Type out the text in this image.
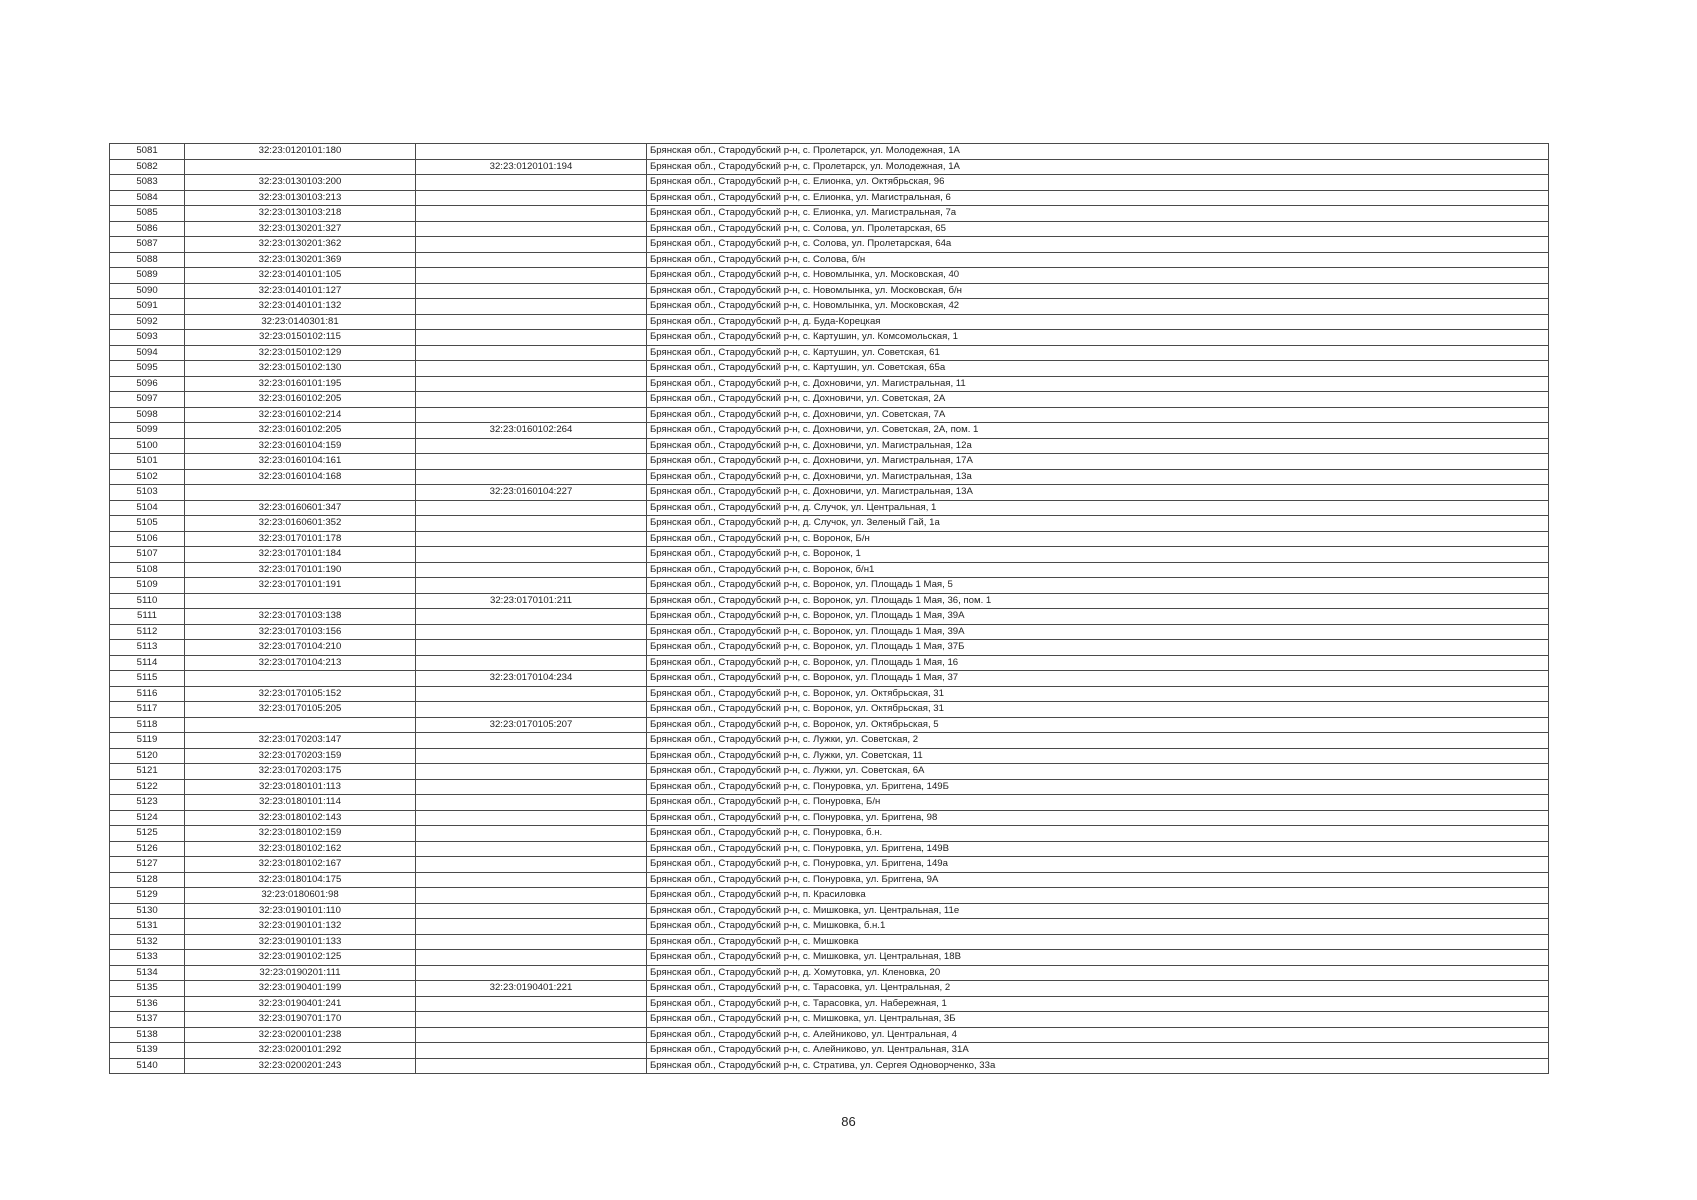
5081	32:23:0120101:180		Брянская обл., Стародубский р-н, с. Пролетарск, ул. Молодежная, 1А
5082		32:23:0120101:194	Брянская обл., Стародубский р-н, с. Пролетарск, ул. Молодежная, 1А
5083	32:23:0130103:200		Брянская обл., Стародубский р-н, с. Елионка, ул. Октябрьская, 96
5084	32:23:0130103:213		Брянская обл., Стародубский р-н, с. Елионка, ул. Магистральная, 6
5085	32:23:0130103:218		Брянская обл., Стародубский р-н, с. Елионка, ул. Магистральная, 7а
5086	32:23:0130201:327		Брянская обл., Стародубский р-н, с. Солова, ул. Пролетарская, 65
5087	32:23:0130201:362		Брянская обл., Стародубский р-н, с. Солова, ул. Пролетарская, 64а
5088	32:23:0130201:369		Брянская обл., Стародубский р-н, с. Солова, б/н
5089	32:23:0140101:105		Брянская обл., Стародубский р-н, с. Новомлынка, ул. Московская, 40
5090	32:23:0140101:127		Брянская обл., Стародубский р-н, с. Новомлынка, ул. Московская, б/н
5091	32:23:0140101:132		Брянская обл., Стародубский р-н, с. Новомлынка, ул. Московская, 42
5092	32:23:0140301:81		Брянская обл., Стародубский р-н, д. Буда-Корецкая
5093	32:23:0150102:115		Брянская обл., Стародубский р-н, с. Картушин, ул. Комсомольская, 1
5094	32:23:0150102:129		Брянская обл., Стародубский р-н, с. Картушин, ул. Советская, 61
5095	32:23:0150102:130		Брянская обл., Стародубский р-н, с. Картушин, ул. Советская, 65а
5096	32:23:0160101:195		Брянская обл., Стародубский р-н, с. Дохновичи, ул. Магистральная, 11
5097	32:23:0160102:205		Брянская обл., Стародубский р-н, с. Дохновичи, ул. Советская, 2А
5098	32:23:0160102:214		Брянская обл., Стародубский р-н, с. Дохновичи, ул. Советская, 7А
5099	32:23:0160102:205	32:23:0160102:264	Брянская обл., Стародубский р-н, с. Дохновичи, ул. Советская, 2А, пом. 1
5100	32:23:0160104:159		Брянская обл., Стародубский р-н, с. Дохновичи, ул. Магистральная, 12а
5101	32:23:0160104:161		Брянская обл., Стародубский р-н, с. Дохновичи, ул. Магистральная, 17А
5102	32:23:0160104:168		Брянская обл., Стародубский р-н, с. Дохновичи, ул. Магистральная, 13а
5103		32:23:0160104:227	Брянская обл., Стародубский р-н, с. Дохновичи, ул. Магистральная, 13А
5104	32:23:0160601:347		Брянская обл., Стародубский р-н, д. Случок, ул. Центральная, 1
5105	32:23:0160601:352		Брянская обл., Стародубский р-н, д. Случок, ул. Зеленый Гай, 1а
5106	32:23:0170101:178		Брянская обл., Стародубский р-н, с. Воронок, Б/н
5107	32:23:0170101:184		Брянская обл., Стародубский р-н, с. Воронок, 1
5108	32:23:0170101:190		Брянская обл., Стародубский р-н, с. Воронок, б/н1
5109	32:23:0170101:191		Брянская обл., Стародубский р-н, с. Воронок, ул. Площадь 1 Мая, 5
5110		32:23:0170101:211	Брянская обл., Стародубский р-н, с. Воронок, ул. Площадь 1 Мая, 36, пом. 1
5111	32:23:0170103:138		Брянская обл., Стародубский р-н, с. Воронок, ул. Площадь 1 Мая, 39А
5112	32:23:0170103:156		Брянская обл., Стародубский р-н, с. Воронок, ул. Площадь 1 Мая, 39А
5113	32:23:0170104:210		Брянская обл., Стародубский р-н, с. Воронок, ул. Площадь 1 Мая, 37Б
5114	32:23:0170104:213		Брянская обл., Стародубский р-н, с. Воронок, ул. Площадь 1 Мая, 16
5115		32:23:0170104:234	Брянская обл., Стародубский р-н, с. Воронок, ул. Площадь 1 Мая, 37
5116	32:23:0170105:152		Брянская обл., Стародубский р-н, с. Воронок, ул. Октябрьская, 31
5117	32:23:0170105:205		Брянская обл., Стародубский р-н, с. Воронок, ул. Октябрьская, 31
5118		32:23:0170105:207	Брянская обл., Стародубский р-н, с. Воронок, ул. Октябрьская, 5
5119	32:23:0170203:147		Брянская обл., Стародубский р-н, с. Лужки, ул. Советская, 2
5120	32:23:0170203:159		Брянская обл., Стародубский р-н, с. Лужки, ул. Советская, 11
5121	32:23:0170203:175		Брянская обл., Стародубский р-н, с. Лужки, ул. Советская, 6А
5122	32:23:0180101:113		Брянская обл., Стародубский р-н, с. Понуровка, ул. Бриггена, 149Б
5123	32:23:0180101:114		Брянская обл., Стародубский р-н, с. Понуровка, Б/н
5124	32:23:0180102:143		Брянская обл., Стародубский р-н, с. Понуровка, ул. Бриггена, 98
5125	32:23:0180102:159		Брянская обл., Стародубский р-н, с. Понуровка, б.н.
5126	32:23:0180102:162		Брянская обл., Стародубский р-н, с. Понуровка, ул. Бриггена, 149В
5127	32:23:0180102:167		Брянская обл., Стародубский р-н, с. Понуровка, ул. Бриггена, 149а
5128	32:23:0180104:175		Брянская обл., Стародубский р-н, с. Понуровка, ул. Бриггена, 9А
5129	32:23:0180601:98		Брянская обл., Стародубский р-н, п. Красиловка
5130	32:23:0190101:110		Брянская обл., Стародубский р-н, с. Мишковка, ул. Центральная, 11е
5131	32:23:0190101:132		Брянская обл., Стародубский р-н, с. Мишковка, б.н.1
5132	32:23:0190101:133		Брянская обл., Стародубский р-н, с. Мишковка
5133	32:23:0190102:125		Брянская обл., Стародубский р-н, с. Мишковка, ул. Центральная, 18В
5134	32:23:0190201:111		Брянская обл., Стародубский р-н, д. Хомутовка, ул. Кленовка, 20
5135	32:23:0190401:199	32:23:0190401:221	Брянская обл., Стародубский р-н, с. Тарасовка, ул. Центральная, 2
5136	32:23:0190401:241		Брянская обл., Стародубский р-н, с. Тарасовка, ул. Набережная, 1
5137	32:23:0190701:170		Брянская обл., Стародубский р-н, с. Мишковка, ул. Центральная, 3Б
5138	32:23:0200101:238		Брянская обл., Стародубский р-н, с. Алейниково, ул. Центральная, 4
5139	32:23:0200101:292		Брянская обл., Стародубский р-н, с. Алейниково, ул. Центральная, 31А
5140	32:23:0200201:243		Брянская обл., Стародубский р-н, с. Стратива, ул. Сергея Одноворченко, 33а
86
